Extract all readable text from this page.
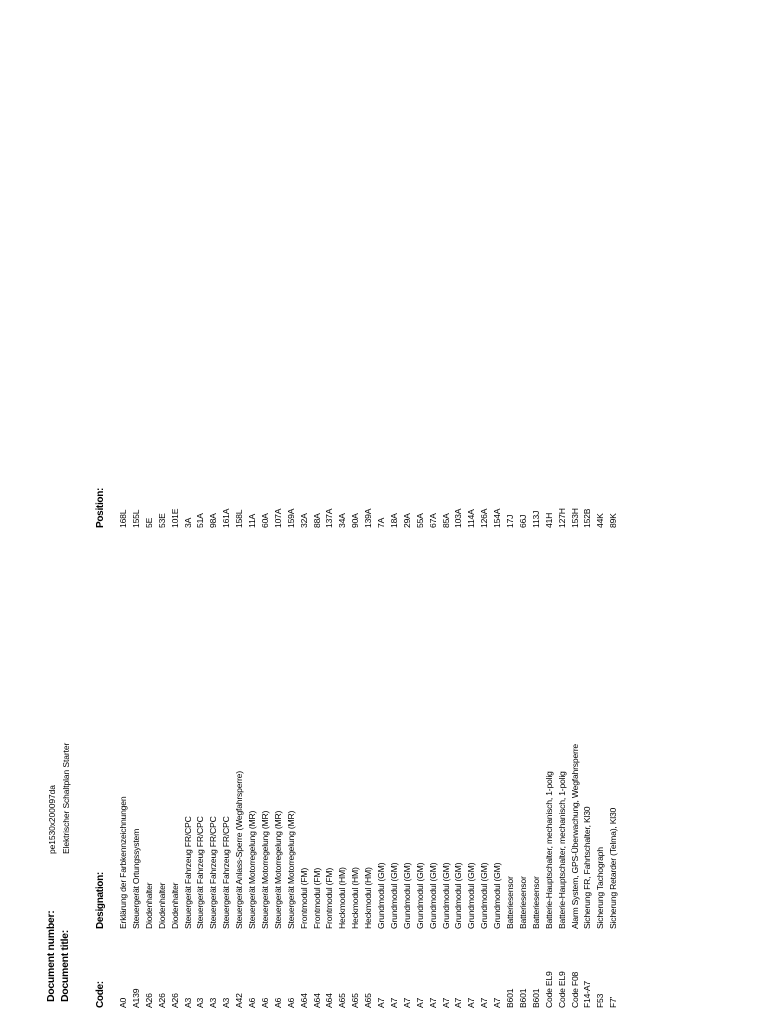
Document number:
pe1530x200097da
Document title:
Elektrischer Schaltplan Starter
Code:
Designation:
Position:
A0
Erklärung der Farbkennzeichnungen
168L
A139
Steuergerät Ortungssystem
155L
A26
Diodenhalter
5E
A26
Diodenhalter
53E
A26
Diodenhalter
101E
A3
Steuergerät Fahrzeug FR/CPC
3A
A3
Steuergerät Fahrzeug FR/CPC
51A
A3
Steuergerät Fahrzeug FR/CPC
98A
A3
Steuergerät Fahrzeug FR/CPC
161A
A42
Steuergerät Anlass-Sperre (Wegfahrsperre)
158L
A6
Steuergerät Motorregelung (MR)
11A
A6
Steuergerät Motorregelung (MR)
60A
A6
Steuergerät Motorregelung (MR)
107A
A6
Steuergerät Motorregelung (MR)
159A
A64
Frontmodul (FM)
32A
A64
Frontmodul (FM)
88A
A64
Frontmodul (FM)
137A
A65
Heckmodul (HM)
34A
A65
Heckmodul (HM)
90A
A65
Heckmodul (HM)
139A
A7
Grundmodul (GM)
7A
A7
Grundmodul (GM)
18A
A7
Grundmodul (GM)
29A
A7
Grundmodul (GM)
55A
A7
Grundmodul (GM)
67A
A7
Grundmodul (GM)
85A
A7
Grundmodul (GM)
103A
A7
Grundmodul (GM)
114A
A7
Grundmodul (GM)
126A
A7
Grundmodul (GM)
154A
B601
Batteriesensor
17J
B601
Batteriesensor
66J
B601
Batteriesensor
113J
Code EL9
Batterie-Hauptschalter, mechanisch, 1-polig
41H
Code EL9
Batterie-Hauptschalter, mechanisch, 1-polig
127H
Code F08
Alarm System, GPS-Überwachung, Wegfahrsperre
153H
F14-A7
Sicherung FR, Fahrtschalter, Kl30
152B
F53
Sicherung Tachograph
44K
F7'
Sicherung Retarder (Telma), Kl30
89K
